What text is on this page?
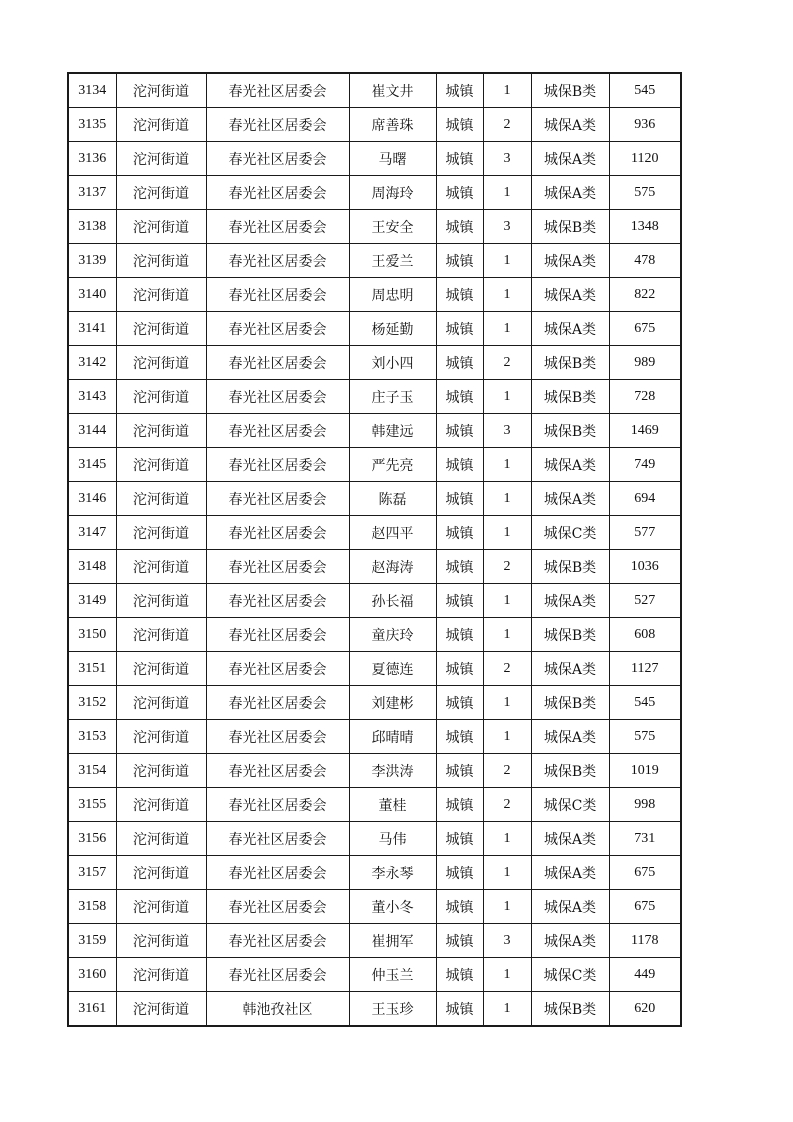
3134	沱河街道	春光社区居委会	崔文井	城镇	1	城保B类	545
3135	沱河街道	春光社区居委会	席善珠	城镇	2	城保A类	936
3136	沱河街道	春光社区居委会	马曙	城镇	3	城保A类	1120
3137	沱河街道	春光社区居委会	周海玲	城镇	1	城保A类	575
3138	沱河街道	春光社区居委会	王安全	城镇	3	城保B类	1348
3139	沱河街道	春光社区居委会	王爱兰	城镇	1	城保A类	478
3140	沱河街道	春光社区居委会	周忠明	城镇	1	城保A类	822
3141	沱河街道	春光社区居委会	杨延勤	城镇	1	城保A类	675
3142	沱河街道	春光社区居委会	刘小四	城镇	2	城保B类	989
3143	沱河街道	春光社区居委会	庄子玉	城镇	1	城保B类	728
3144	沱河街道	春光社区居委会	韩建远	城镇	3	城保B类	1469
3145	沱河街道	春光社区居委会	严先亮	城镇	1	城保A类	749
3146	沱河街道	春光社区居委会	陈磊	城镇	1	城保A类	694
3147	沱河街道	春光社区居委会	赵四平	城镇	1	城保C类	577
3148	沱河街道	春光社区居委会	赵海涛	城镇	2	城保B类	1036
3149	沱河街道	春光社区居委会	孙长福	城镇	1	城保A类	527
3150	沱河街道	春光社区居委会	童庆玲	城镇	1	城保B类	608
3151	沱河街道	春光社区居委会	夏德连	城镇	2	城保A类	1127
3152	沱河街道	春光社区居委会	刘建彬	城镇	1	城保B类	545
3153	沱河街道	春光社区居委会	邱晴晴	城镇	1	城保A类	575
3154	沱河街道	春光社区居委会	李洪涛	城镇	2	城保B类	1019
3155	沱河街道	春光社区居委会	董桂	城镇	2	城保C类	998
3156	沱河街道	春光社区居委会	马伟	城镇	1	城保A类	731
3157	沱河街道	春光社区居委会	李永琴	城镇	1	城保A类	675
3158	沱河街道	春光社区居委会	董小冬	城镇	1	城保A类	675
3159	沱河街道	春光社区居委会	崔拥军	城镇	3	城保A类	1178
3160	沱河街道	春光社区居委会	仲玉兰	城镇	1	城保C类	449
3161	沱河街道	韩池孜社区	王玉珍	城镇	1	城保B类	620
